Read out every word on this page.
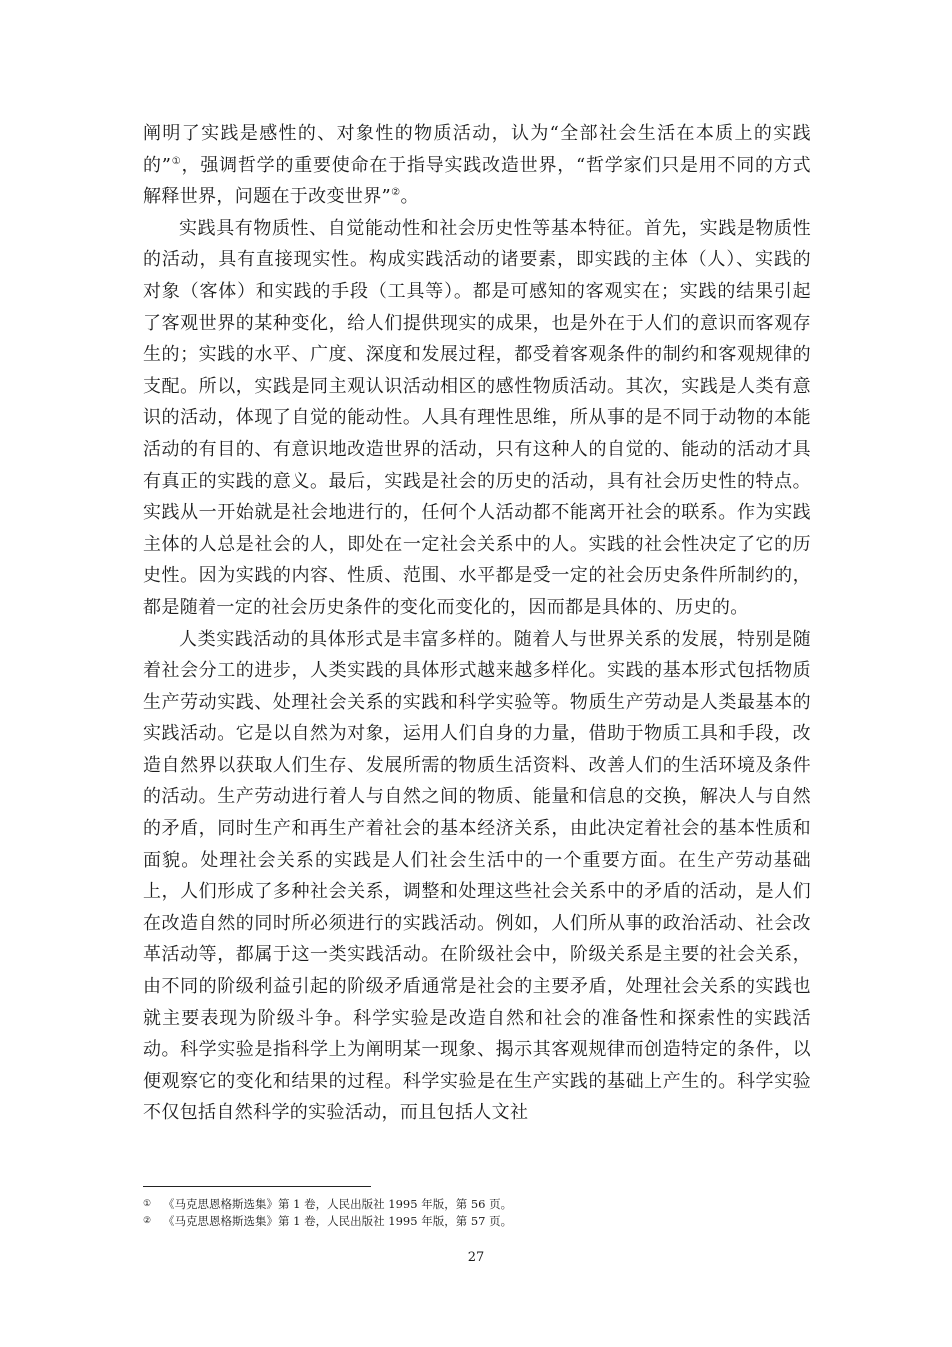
阐明了实践是感性的、对象性的物质活动，认为“全部社会生活在本质上的实践的”①，强调哲学的重要使命在于指导实践改造世界，“哲学家们只是用不同的方式解释世界，问题在于改变世界”②。

实践具有物质性、自觉能动性和社会历史性等基本特征。首先，实践是物质性的活动，具有直接现实性。构成实践活动的诸要素，即实践的主体（人）、实践的对象（客体）和实践的手段（工具等）。都是可感知的客观实在；实践的结果引起了客观世界的某种变化，给人们提供现实的成果，也是外在于人们的意识而客观存生的；实践的水平、广度、深度和发展过程，都受着客观条件的制约和客观规律的支配。所以，实践是同主观认识活动相区的感性物质活动。其次，实践是人类有意识的活动，体现了自觉的能动性。人具有理性思维，所从事的是不同于动物的本能活动的有目的、有意识地改造世界的活动，只有这种人的自觉的、能动的活动才具有真正的实践的意义。最后，实践是社会的历史的活动，具有社会历史性的特点。实践从一开始就是社会地进行的，任何个人活动都不能离开社会的联系。作为实践主体的人总是社会的人，即处在一定社会关系中的人。实践的社会性决定了它的历史性。因为实践的内容、性质、范围、水平都是受一定的社会历史条件所制约的，都是随着一定的社会历史条件的变化而变化的，因而都是具体的、历史的。

人类实践活动的具体形式是丰富多样的。随着人与世界关系的发展，特别是随着社会分工的进步，人类实践的具体形式越来越多样化。实践的基本形式包括物质生产劳动实践、处理社会关系的实践和科学实验等。物质生产劳动是人类最基本的实践活动。它是以自然为对象，运用人们自身的力量，借助于物质工具和手段，改造自然界以获取人们生存、发展所需的物质生活资料、改善人们的生活环境及条件的活动。生产劳动进行着人与自然之间的物质、能量和信息的交换，解决人与自然的矛盾，同时生产和再生产着社会的基本经济关系，由此决定着社会的基本性质和面貌。处理社会关系的实践是人们社会生活中的一个重要方面。在生产劳动基础上，人们形成了多种社会关系，调整和处理这些社会关系中的矛盾的活动，是人们在改造自然的同时所必须进行的实践活动。例如，人们所从事的政治活动、社会改革活动等，都属于这一类实践活动。在阶级社会中，阶级关系是主要的社会关系，由不同的阶级利益引起的阶级矛盾通常是社会的主要矛盾，处理社会关系的实践也就主要表现为阶级斗争。科学实验是改造自然和社会的准备性和探索性的实践活动。科学实验是指科学上为阐明某一现象、揭示其客观规律而创造特定的条件，以便观察它的变化和结果的过程。科学实验是在生产实践的基础上产生的。科学实验不仅包括自然科学的实验活动，而且包括人文社

① 《马克思恩格斯选集》第 1 卷，人民出版社 1995 年版，第 56 页。

② 《马克思恩格斯选集》第 1 卷，人民出版社 1995 年版，第 57 页。

27
